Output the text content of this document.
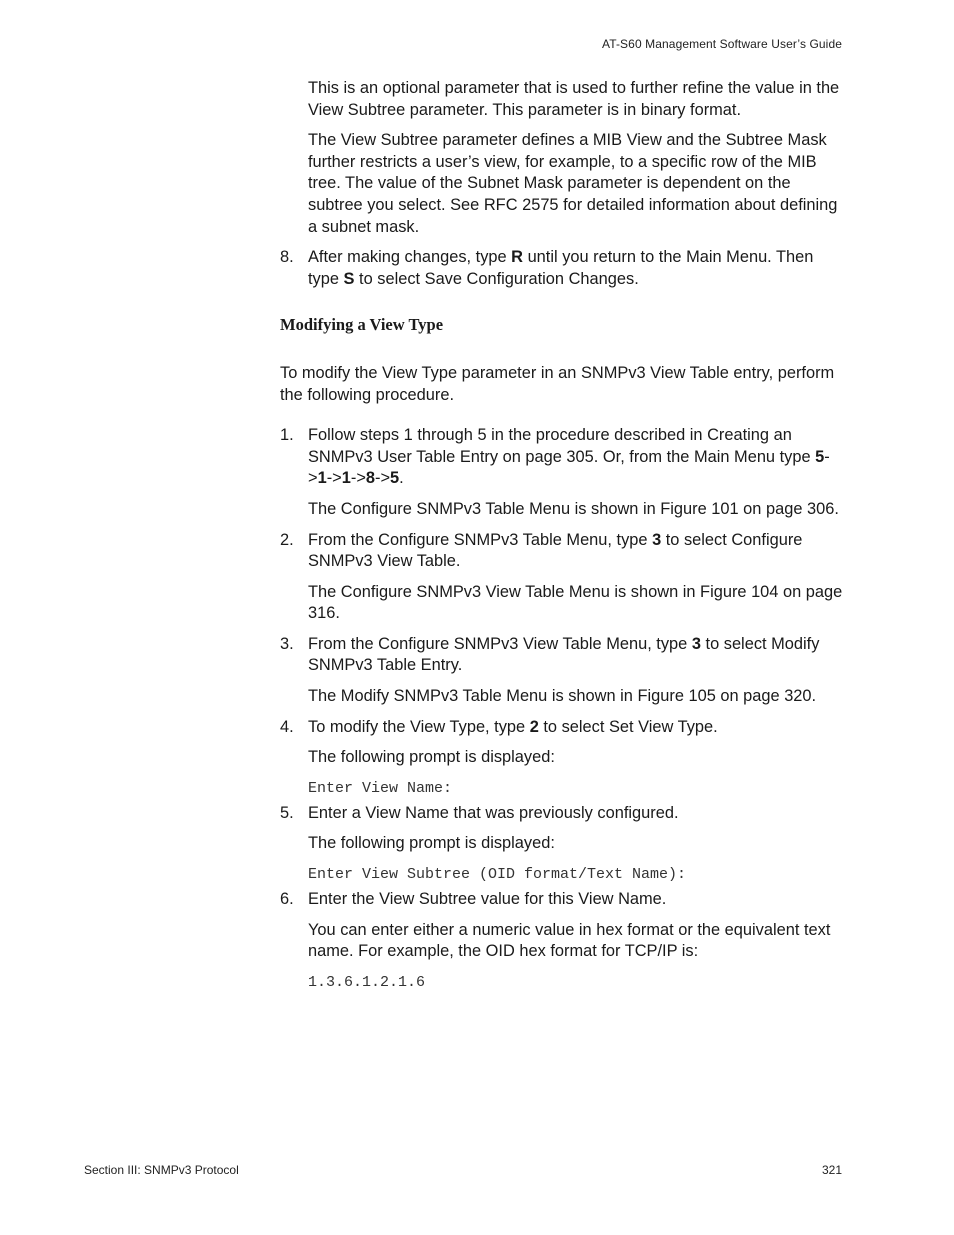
AT-S60 Management Software User’s Guide

This is an optional parameter that is used to further refine the value in the View Subtree parameter. This parameter is in binary format.

The View Subtree parameter defines a MIB View and the Subtree Mask further restricts a user’s view, for example, to a specific row of the MIB tree. The value of the Subnet Mask parameter is dependent on the subtree you select. See RFC 2575 for detailed information about defining a subnet mask.

8. After making changes, type R until you return to the Main Menu. Then type S to select Save Configuration Changes.
Modifying a View Type

To modify the View Type parameter in an SNMPv3 View Table entry, perform the following procedure.

1. Follow steps 1 through 5 in the procedure described in Creating an SNMPv3 User Table Entry on page 305. Or, from the Main Menu type 5->1->1->8->5.

The Configure SNMPv3 Table Menu is shown in Figure 101 on page 306.

2. From the Configure SNMPv3 Table Menu, type 3 to select Configure SNMPv3 View Table.

The Configure SNMPv3 View Table Menu is shown in Figure 104 on page 316.

3. From the Configure SNMPv3 View Table Menu, type 3 to select Modify SNMPv3 Table Entry.

The Modify SNMPv3 Table Menu is shown in Figure 105 on page 320.

4. To modify the View Type, type 2 to select Set View Type.

The following prompt is displayed:

Enter View Name:
5. Enter a View Name that was previously configured.

The following prompt is displayed:

Enter View Subtree (OID format/Text Name):
6. Enter the View Subtree value for this View Name.

You can enter either a numeric value in hex format or the equivalent text name. For example, the OID hex format for TCP/IP is:

1.3.6.1.2.1.6
Section III: SNMPv3 Protocol	321
